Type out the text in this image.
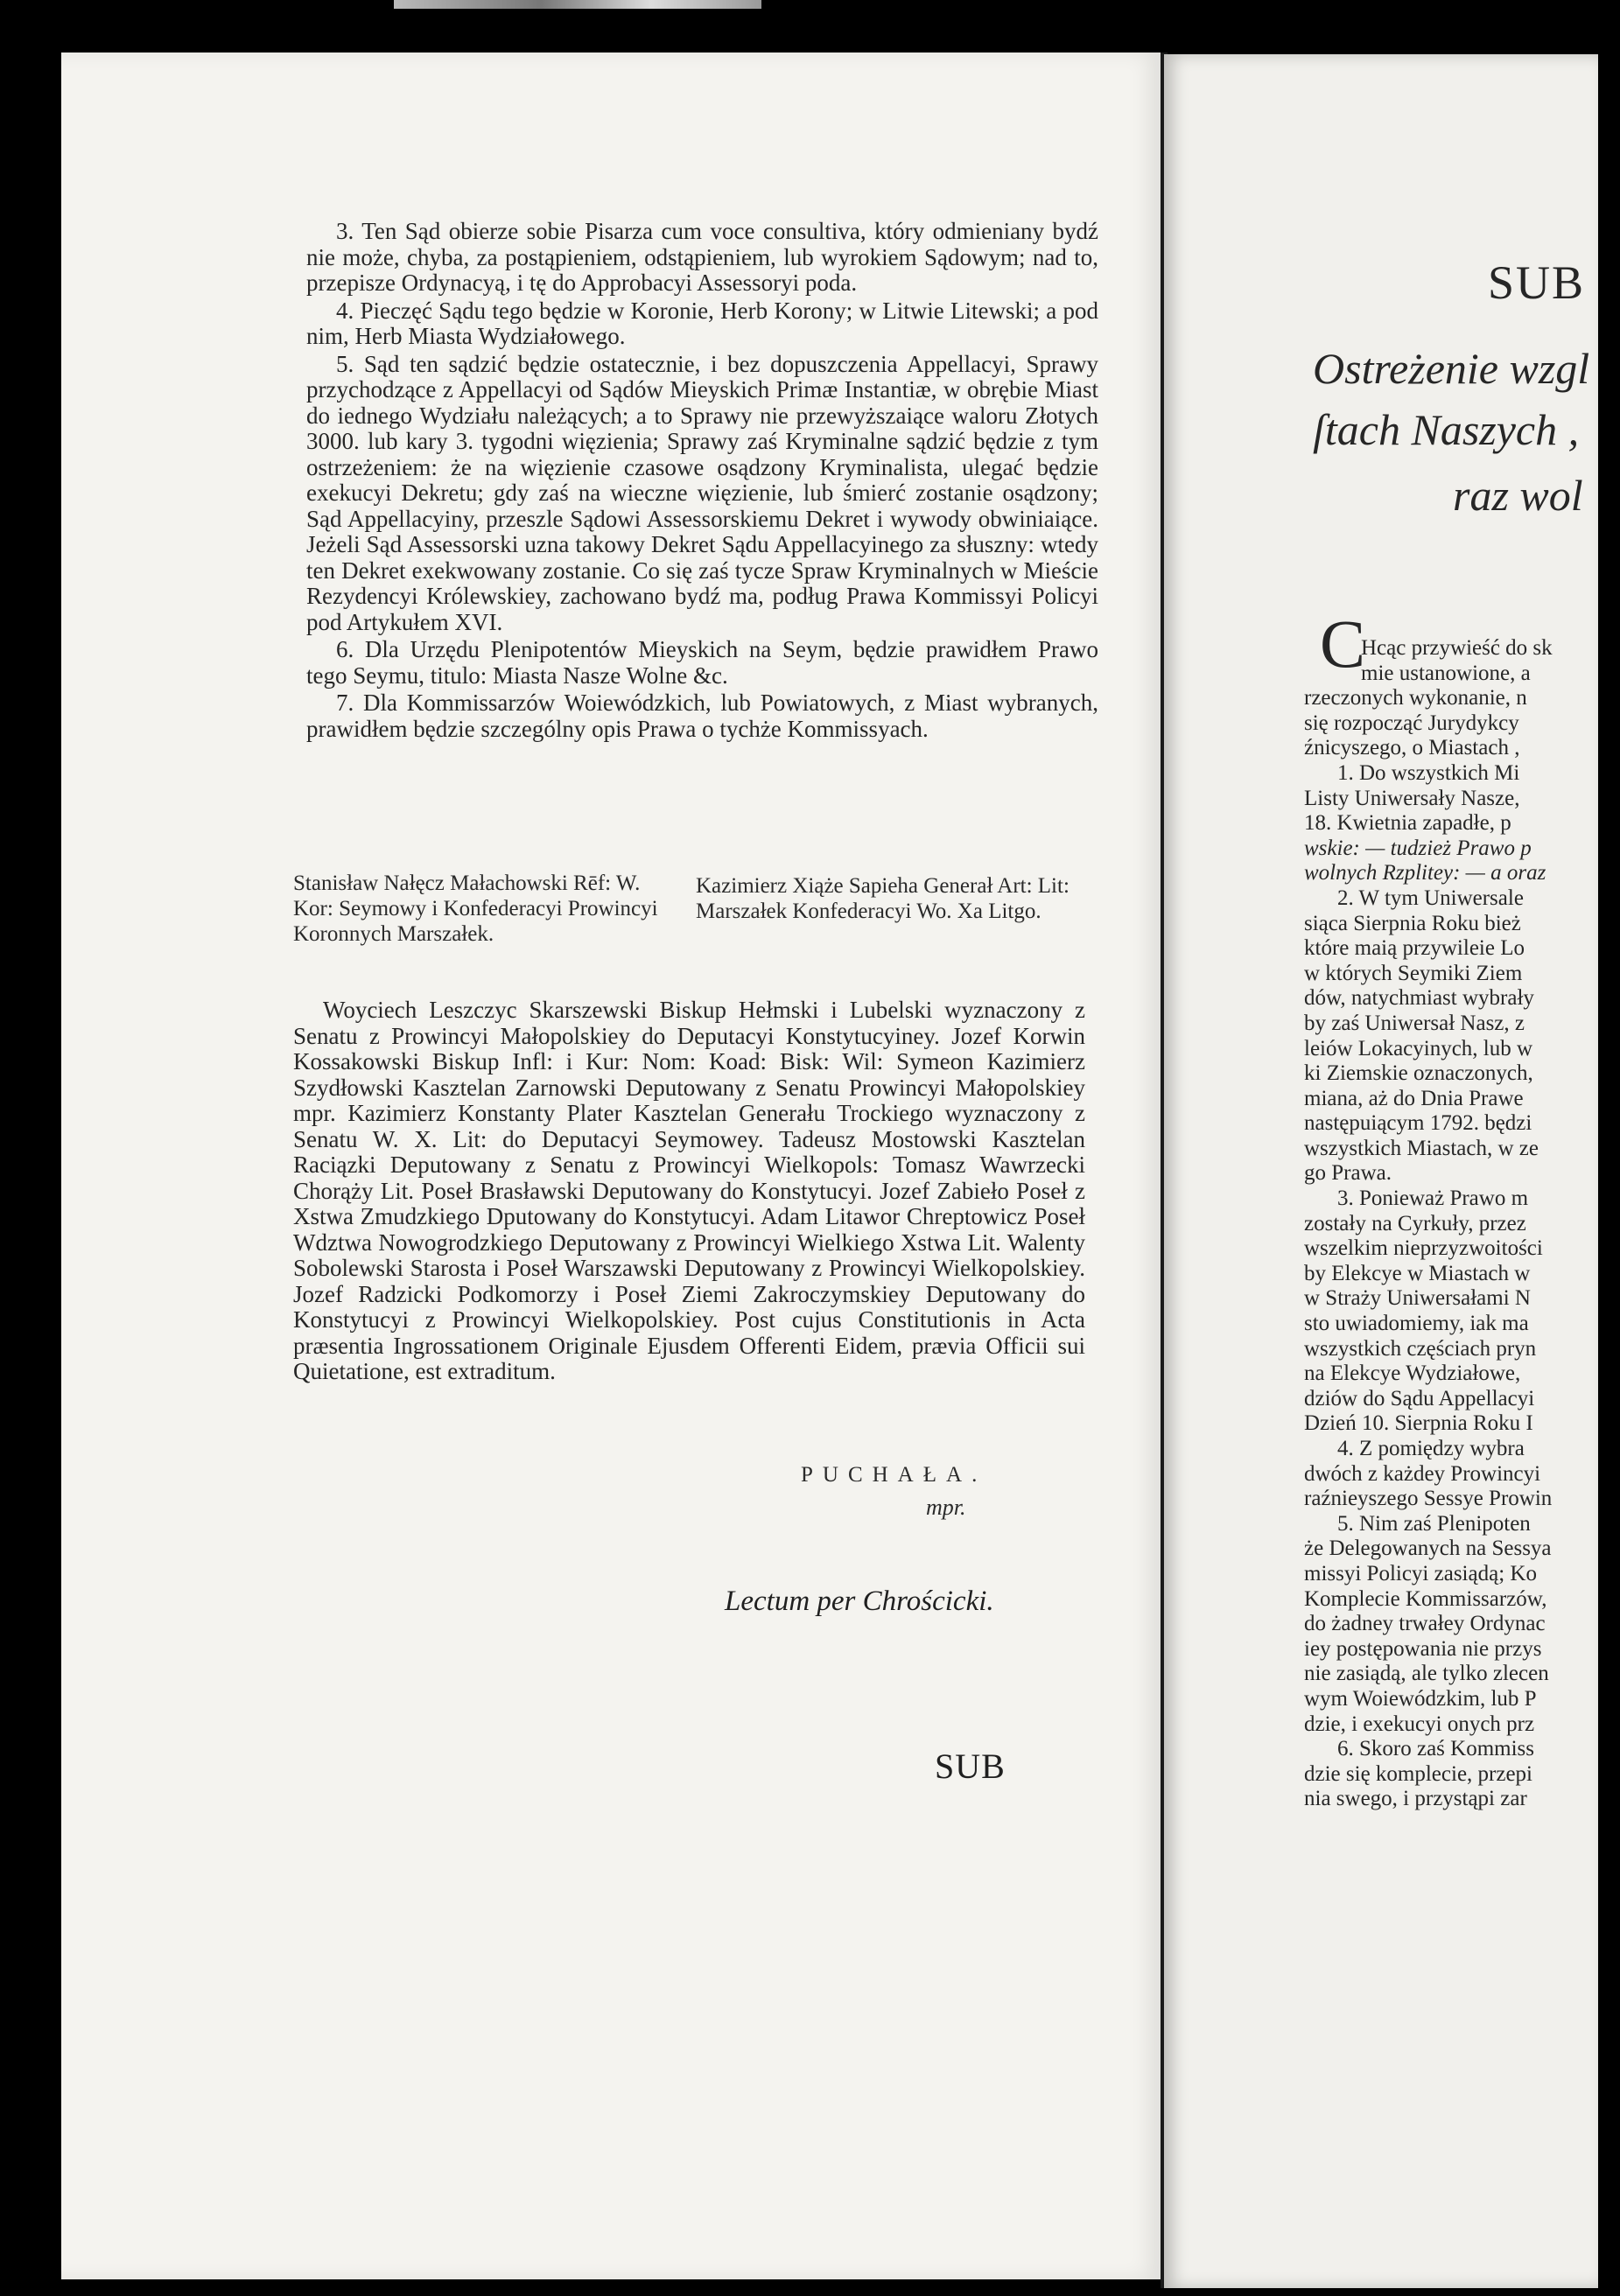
3. Ten Sąd obierze sobie Pisarza cum voce consultiva, który odmieniany bydź nie może, chyba, za postąpieniem, odstąpieniem, lub wyrokiem Sądowym; nad to, przepisze Ordynacyą, i tę do Approbacyi Assessoryi poda.

4. Pieczęć Sądu tego będzie w Koronie, Herb Korony; w Litwie Litewski; a pod nim, Herb Miasta Wydziałowego.

5. Sąd ten sądzić będzie ostatecznie, i bez dopuszczenia Appellacyi, Sprawy przychodzące z Appellacyi od Sądów Mieyskich Primæ Instantiæ, w obrębie Miast do iednego Wydziału należących; a to Sprawy nie przewyższaiące waloru Złotych 3000. lub kary 3. tygodni więzienia; Sprawy zaś Kryminalne sądzić będzie z tym ostrzeżeniem: że na więzienie czasowe osądzony Kryminalista, ulegać będzie exekucyi Dekretu; gdy zaś na wieczne więzienie, lub śmierć zostanie osądzony; Sąd Appellacyiny, przeszle Sądowi Assessorskiemu Dekret i wywody obwiniaiące. Jeżeli Sąd Assessorski uzna takowy Dekret Sądu Appellacyinego za słuszny: wtedy ten Dekret exekwowany zostanie. Co się zaś tycze Spraw Kryminalnych w Mieście Rezydencyi Królewskiey, zachowano bydź ma, podług Prawa Kommissyi Policyi pod Artykułem XVI.

6. Dla Urzędu Plenipotentów Mieyskich na Seym, będzie prawidłem Prawo tego Seymu, titulo: Miasta Nasze Wolne &c.

7. Dla Kommissarzów Woiewódzkich, lub Powiatowych, z Miast wybranych, prawidłem będzie szczególny opis Prawa o tychże Kommissyach.

Stanisław Nałęcz Małachowski Rēf: W. Kor: Seymowy i Konfederacyi Prowincyi Koronnych Marszałek.
Kazimierz Xiąże Sapieha Generał Art: Lit: Marszałek Konfederacyi Wo. Xa Litgo.

Woyciech Leszczyc Skarszewski Biskup Hełmski i Lubelski wyznaczony z Senatu z Prowincyi Małopolskiey do Deputacyi Konstytucyiney. Jozef Korwin Kossakowski Biskup Infl: i Kur: Nom: Koad: Bisk: Wil: Symeon Kazimierz Szydłowski Kasztelan Zarnowski Deputowany z Senatu Prowincyi Małopolskiey mpr. Kazimierz Konstanty Plater Kasztelan Generału Trockiego wyznaczony z Senatu W. X. Lit: do Deputacyi Seymowey. Tadeusz Mostowski Kasztelan Raciązki Deputowany z Senatu z Prowincyi Wielkopols: Tomasz Wawrzecki Chorąży Lit. Poseł Brasławski Deputowany do Konstytucyi. Jozef Zabieło Poseł z Xstwa Zmudzkiego Dputowany do Konstytucyi. Adam Litawor Chreptowicz Poseł Wdztwa Nowogrodzkiego Deputowany z Prowincyi Wielkiego Xstwa Lit. Walenty Sobolewski Starosta i Poseł Warszawski Deputowany z Prowincyi Wielkopolskiey. Jozef Radzicki Podkomorzy i Poseł Ziemi Zakroczymskiey Deputowany do Konstytucyi z Prowincyi Wielkopolskiey. Post cujus Constitutionis in Acta præsentia Ingrossationem Originale Ejusdem Offerenti Eidem, prævia Officii sui Quietatione, est extraditum.

PUCHAŁA.
mpr.
Lectum per Chrościcki.
SUB
SUB
Ostreżenie wzgl
ſtach Naszych ,
raz wol
C
Hcąc przywieść do sk
mie ustanowione, a
rzeczonych wykonanie, n
się rozpocząć Jurydykcy
źnicyszego, o Miastach ,
1. Do wszystkich Mi
Listy Uniwersały Nasze,
18. Kwietnia zapadłe, p
wskie: — tudzież Prawo p
wolnych Rzplitey: — a oraz
2. W tym Uniwersale
siąca Sierpnia Roku bież
które maią przywileie Lo
w których Seymiki Ziem
dów, natychmiast wybrały
by zaś Uniwersał Nasz, z
leiów Lokacyinych, lub w
ki Ziemskie oznaczonych,
miana, aż do Dnia Prawe
następuiącym 1792. będzi
wszystkich Miastach, w ze
go Prawa.
3. Ponieważ Prawo m
zostały na Cyrkuły, przez
wszelkim nieprzyzwoitości
by Elekcye w Miastach w
w Straży Uniwersałami N
sto uwiadomiemy, iak ma
wszystkich częściach pryn
na Elekcye Wydziałowe,
dziów do Sądu Appellacyi
Dzień 10. Sierpnia Roku I
4. Z pomiędzy wybra
dwóch z każdey Prowincyi
raźnieyszego Sessye Prowin
5. Nim zaś Plenipoten
że Delegowanych na Sessya
missyi Policyi zasiądą; Ko
Komplecie Kommissarzów,
do żadney trwałey Ordynac
iey postępowania nie przys
nie zasiądą, ale tylko zlecen
wym Woiewódzkim, lub P
dzie, i exekucyi onych prz
6. Skoro zaś Kommiss
dzie się komplecie, przepi
nia swego, i przystąpi zar
